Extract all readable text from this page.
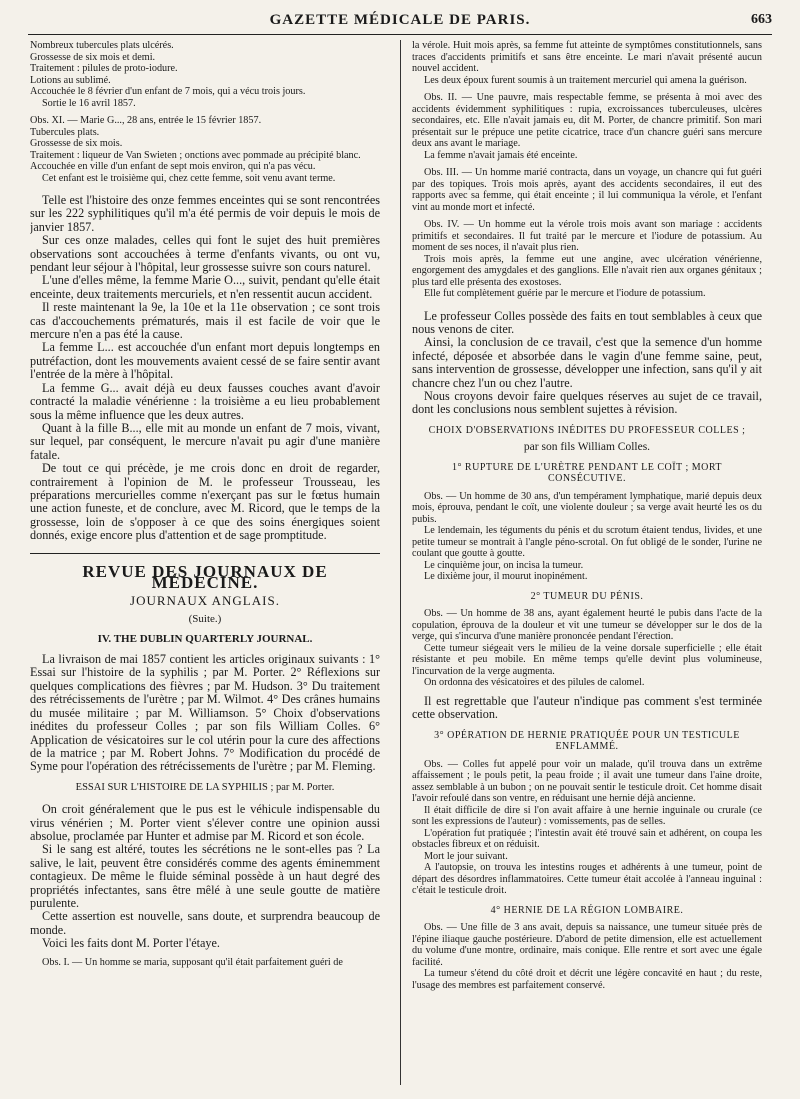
GAZETTE MÉDICALE DE PARIS.	663

Nombreux tubercules plats ulcérés.

Grossesse de six mois et demi.

Traitement : pilules de proto-iodure.

Lotions au sublimé.

Accouchée le 8 février d'un enfant de 7 mois, qui a vécu trois jours.

Sortie le 16 avril 1857.

Obs. XI. — Marie G..., 28 ans, entrée le 15 février 1857.

Tubercules plats.

Grossesse de six mois.

Traitement : liqueur de Van Swieten ; onctions avec pommade au précipité blanc.

Accouchée en ville d'un enfant de sept mois environ, qui n'a pas vécu.

Cet enfant est le troisième qui, chez cette femme, soit venu avant terme.

Telle est l'histoire des onze femmes enceintes qui se sont rencontrées sur les 222 syphilitiques qu'il m'a été permis de voir depuis le mois de janvier 1857.

Sur ces onze malades, celles qui font le sujet des huit premières observations sont accouchées à terme d'enfants vivants, ou ont vu, pendant leur séjour à l'hôpital, leur grossesse suivre son cours naturel.

L'une d'elles même, la femme Marie O..., suivit, pendant qu'elle était enceinte, deux traitements mercuriels, et n'en ressentit aucun accident.

Il reste maintenant la 9e, la 10e et la 11e observation ; ce sont trois cas d'accouchements prématurés, mais il est facile de voir que le mercure n'en a pas été la cause.

La femme L... est accouchée d'un enfant mort depuis longtemps en putréfaction, dont les mouvements avaient cessé de se faire sentir avant l'entrée de la mère à l'hôpital.

La femme G... avait déjà eu deux fausses couches avant d'avoir contracté la maladie vénérienne : la troisième a eu lieu probablement sous la même influence que les deux autres.

Quant à la fille B..., elle mit au monde un enfant de 7 mois, vivant, sur lequel, par conséquent, le mercure n'avait pu agir d'une manière fatale.

De tout ce qui précède, je me crois donc en droit de regarder, contrairement à l'opinion de M. le professeur Trousseau, les préparations mercurielles comme n'exerçant pas sur le fœtus humain une action funeste, et de conclure, avec M. Ricord, que le temps de la grossesse, loin de s'opposer à ce que des soins énergiques soient donnés, exige encore plus d'attention et de sage promptitude.

REVUE DES JOURNAUX DE MÉDECINE.
JOURNAUX ANGLAIS.
(Suite.)
IV. THE DUBLIN QUARTERLY JOURNAL.

La livraison de mai 1857 contient les articles originaux suivants : 1° Essai sur l'histoire de la syphilis ; par M. Porter. 2° Réflexions sur quelques complications des fièvres ; par M. Hudson. 3° Du traitement des rétrécissements de l'urètre ; par M. Wilmot. 4° Des crânes humains du musée militaire ; par M. Williamson. 5° Choix d'observations inédites du professeur Colles ; par son fils William Colles. 6° Application de vésicatoires sur le col utérin pour la cure des affections de la matrice ; par M. Robert Johns. 7° Modification du procédé de Syme pour l'opération des rétrécissements de l'urètre ; par M. Fleming.

ESSAI SUR L'HISTOIRE DE LA SYPHILIS ; par M. Porter.

On croit généralement que le pus est le véhicule indispensable du virus vénérien ; M. Porter vient s'élever contre une opinion aussi absolue, proclamée par Hunter et admise par M. Ricord et son école.

Si le sang est altéré, toutes les sécrétions ne le sont-elles pas ? La salive, le lait, peuvent être considérés comme des agents éminemment contagieux. De même le fluide séminal possède à un haut degré des propriétés infectantes, sans être mêlé à une seule goutte de matière purulente.

Cette assertion est nouvelle, sans doute, et surprendra beaucoup de monde.

Voici les faits dont M. Porter l'étaye.

Obs. I. — Un homme se maria, supposant qu'il était parfaitement guéri de

la vérole. Huit mois après, sa femme fut atteinte de symptômes constitutionnels, sans traces d'accidents primitifs et sans être enceinte. Le mari n'avait présenté aucun nouvel accident.

Les deux époux furent soumis à un traitement mercuriel qui amena la guérison.

Obs. II. — Une pauvre, mais respectable femme, se présenta à moi avec des accidents évidemment syphilitiques : rupia, excroissances tuberculeuses, ulcères secondaires, etc. Elle n'avait jamais eu, dit M. Porter, de chancre primitif. Son mari présentait sur le prépuce une petite cicatrice, trace d'un chancre guéri sans mercure deux ans avant le mariage.

La femme n'avait jamais été enceinte.

Obs. III. — Un homme marié contracta, dans un voyage, un chancre qui fut guéri par des topiques. Trois mois après, ayant des accidents secondaires, il eut des rapports avec sa femme, qui était enceinte ; il lui communiqua la vérole, et l'enfant vint au monde mort et infecté.

Obs. IV. — Un homme eut la vérole trois mois avant son mariage : accidents primitifs et secondaires. Il fut traité par le mercure et l'iodure de potassium. Au moment de ses noces, il n'avait plus rien.

Trois mois après, la femme eut une angine, avec ulcération vénérienne, engorgement des amygdales et des ganglions. Elle n'avait rien aux organes génitaux ; plus tard elle présenta des exostoses.

Elle fut complètement guérie par le mercure et l'iodure de potassium.

Le professeur Colles possède des faits en tout semblables à ceux que nous venons de citer.

Ainsi, la conclusion de ce travail, c'est que la semence d'un homme infecté, déposée et absorbée dans le vagin d'une femme saine, peut, sans intervention de grossesse, développer une infection, sans qu'il y ait chancre chez l'un ou chez l'autre.

Nous croyons devoir faire quelques réserves au sujet de ce travail, dont les conclusions nous semblent sujettes à révision.

CHOIX D'OBSERVATIONS INÉDITES DU PROFESSEUR COLLES ;
par son fils William Colles.
1° RUPTURE DE L'URÈTRE PENDANT LE COÏT ; MORT CONSÉCUTIVE.

Obs. — Un homme de 30 ans, d'un tempérament lymphatique, marié depuis deux mois, éprouva, pendant le coït, une violente douleur ; sa verge avait heurté les os du pubis.

Le lendemain, les téguments du pénis et du scrotum étaient tendus, livides, et une petite tumeur se montrait à l'angle péno-scrotal. On fut obligé de le sonder, l'urine ne coulant que goutte à goutte.

Le cinquième jour, on incisa la tumeur.

Le dixième jour, il mourut inopinément.

2° TUMEUR DU PÉNIS.

Obs. — Un homme de 38 ans, ayant également heurté le pubis dans l'acte de la copulation, éprouva de la douleur et vit une tumeur se développer sur le dos de la verge, qui s'incurva d'une manière prononcée pendant l'érection.

Cette tumeur siégeait vers le milieu de la veine dorsale superficielle ; elle était résistante et peu mobile. En même temps qu'elle devint plus volumineuse, l'incurvation de la verge augmenta.

On ordonna des vésicatoires et des pilules de calomel.

Il est regrettable que l'auteur n'indique pas comment s'est terminée cette observation.

3° OPÉRATION DE HERNIE PRATIQUÉE POUR UN TESTICULE ENFLAMMÉ.

Obs. — Colles fut appelé pour voir un malade, qu'il trouva dans un extrême affaissement ; le pouls petit, la peau froide ; il avait une tumeur dans l'aine droite, assez semblable à un bubon ; on ne pouvait sentir le testicule droit. Cet homme disait l'avoir refoulé dans son ventre, en réduisant une hernie déjà ancienne.

Il était difficile de dire si l'on avait affaire à une hernie inguinale ou crurale (ce sont les expressions de l'auteur) : vomissements, pas de selles.

L'opération fut pratiquée ; l'intestin avait été trouvé sain et adhérent, on coupa les obstacles fibreux et on réduisit.

Mort le jour suivant.

A l'autopsie, on trouva les intestins rouges et adhérents à une tumeur, point de départ des désordres inflammatoires. Cette tumeur était accolée à l'anneau inguinal : c'était le testicule droit.

4° HERNIE DE LA RÉGION LOMBAIRE.

Obs. — Une fille de 3 ans avait, depuis sa naissance, une tumeur située près de l'épine iliaque gauche postérieure. D'abord de petite dimension, elle est actuellement du volume d'une montre, ordinaire, mais conique. Elle rentre et sort avec une égale facilité.

La tumeur s'étend du côté droit et décrit une légère concavité en haut ; du reste, l'usage des membres est parfaitement conservé.
